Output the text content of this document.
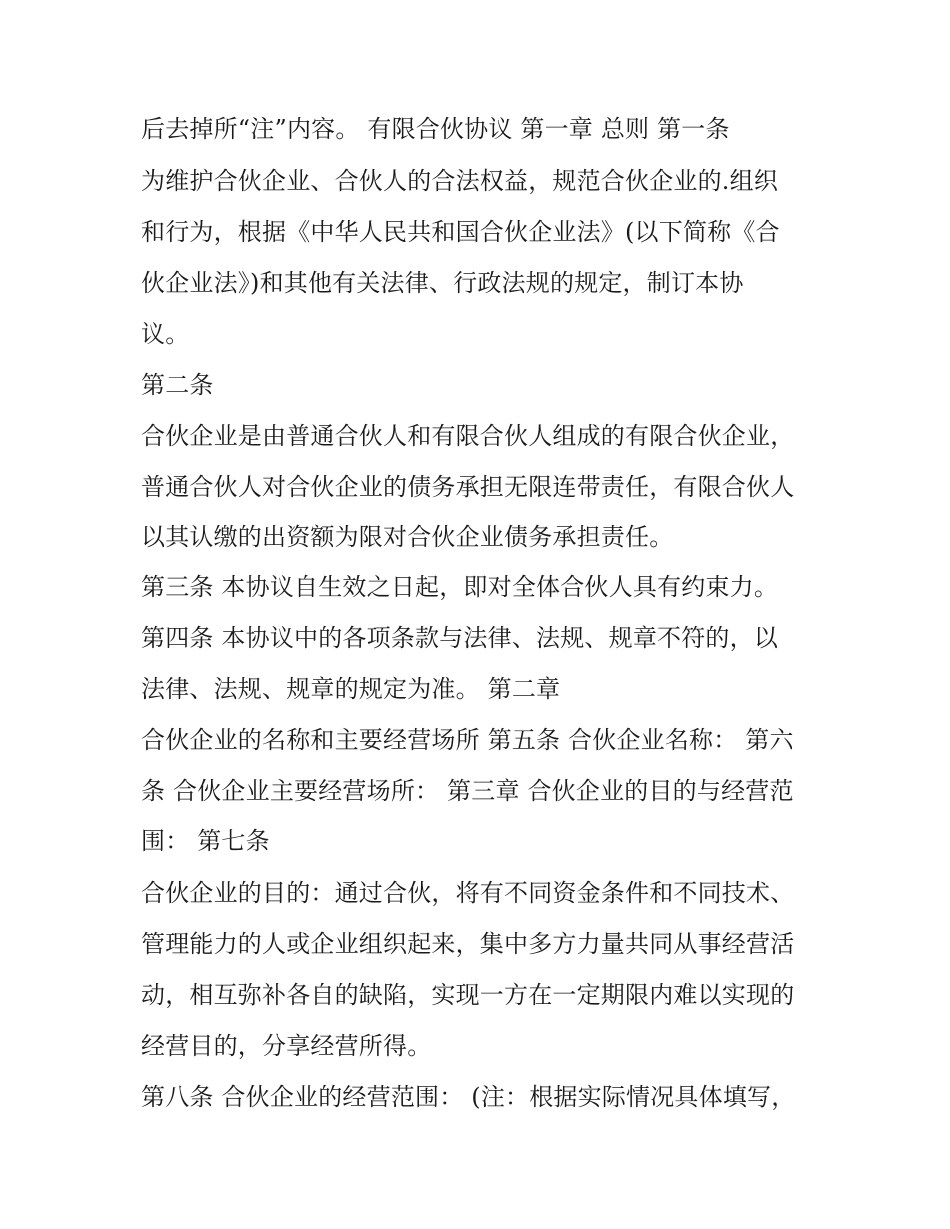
后去掉所“注”内容。 有限合伙协议 第一章 总则 第一条

为维护合伙企业、合伙人的合法权益，规范合伙企业的.组织

和行为，根据《中华人民共和国合伙企业法》(以下简称《合

伙企业法》)和其他有关法律、行政法规的规定，制订本协

议。

第二条

合伙企业是由普通合伙人和有限合伙人组成的有限合伙企业，

普通合伙人对合伙企业的债务承担无限连带责任，有限合伙人

以其认缴的出资额为限对合伙企业债务承担责任。

第三条 本协议自生效之日起，即对全体合伙人具有约束力。

第四条 本协议中的各项条款与法律、法规、规章不符的，以

法律、法规、规章的规定为准。 第二章

合伙企业的名称和主要经营场所 第五条 合伙企业名称： 第六

条 合伙企业主要经营场所： 第三章 合伙企业的目的与经营范

围： 第七条

合伙企业的目的：通过合伙，将有不同资金条件和不同技术、

管理能力的人或企业组织起来，集中多方力量共同从事经营活

动，相互弥补各自的缺陷，实现一方在一定期限内难以实现的

经营目的，分享经营所得。

第八条 合伙企业的经营范围： (注：根据实际情况具体填写，
